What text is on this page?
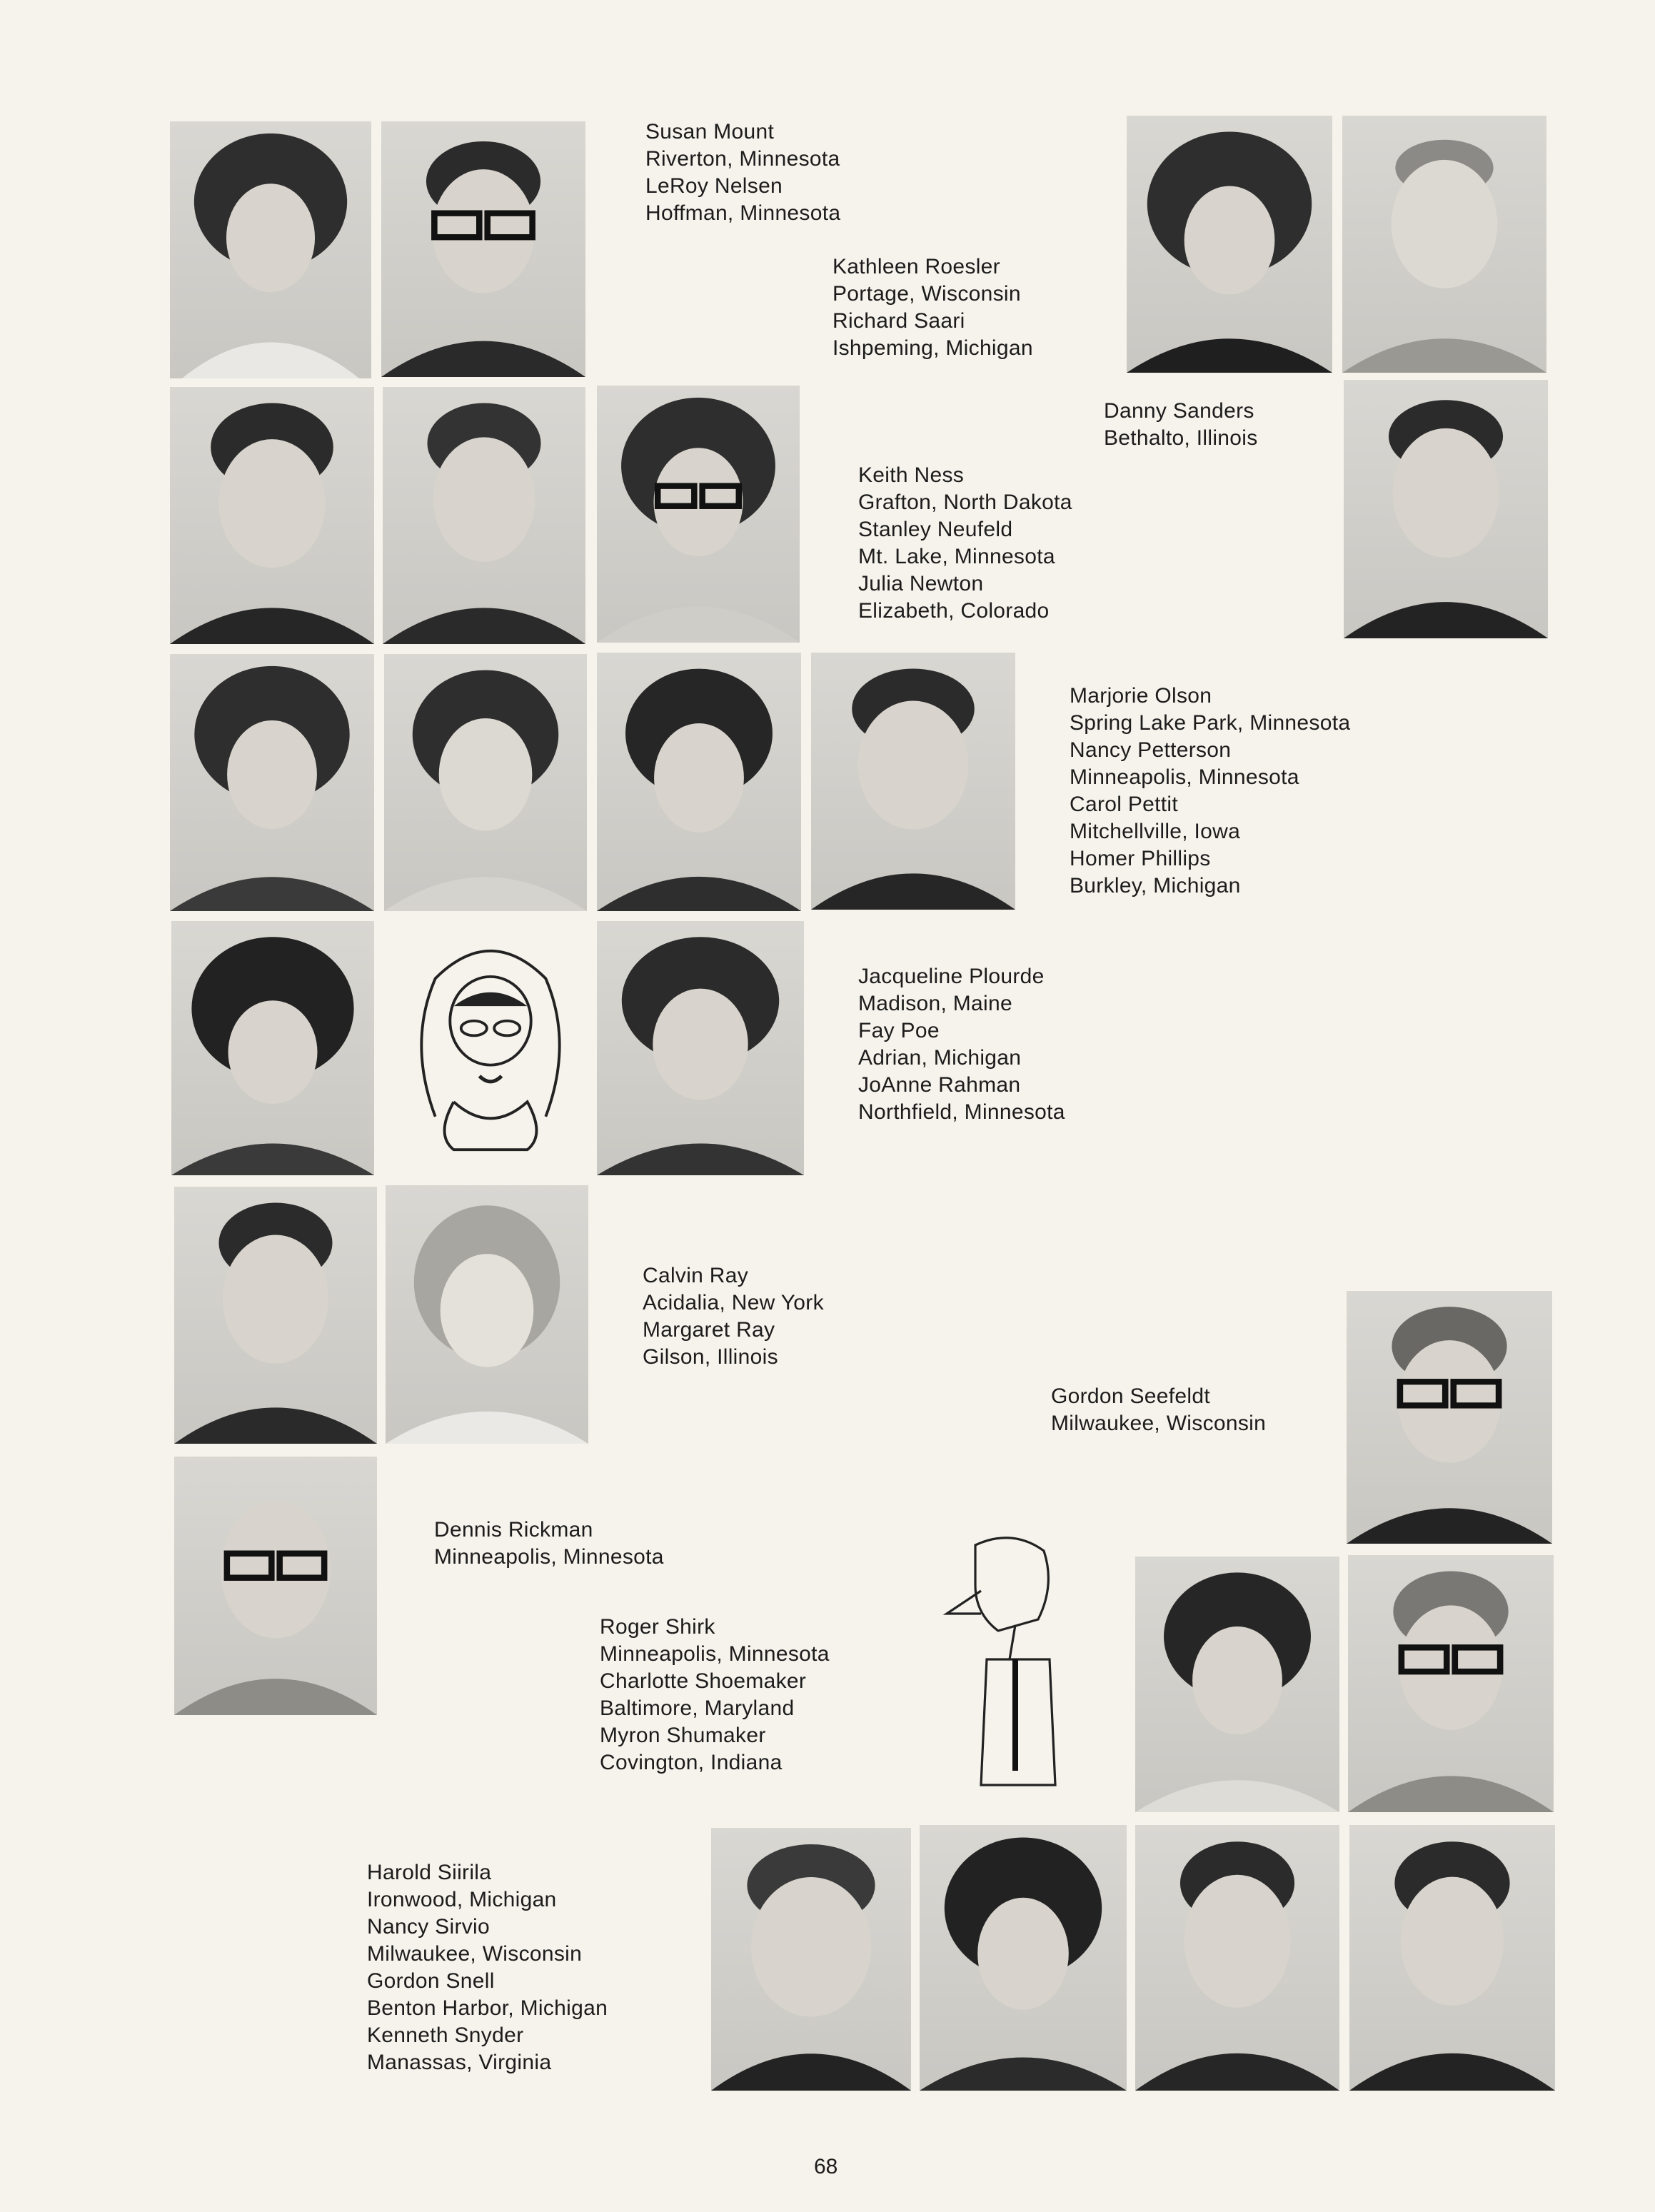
Susan Mount
Riverton, Minnesota
LeRoy Nelsen
Hoffman, Minnesota
Kathleen Roesler
Portage, Wisconsin
Richard Saari
Ishpeming, Michigan
Danny Sanders
Bethalto, Illinois
Keith Ness
Grafton, North Dakota
Stanley Neufeld
Mt. Lake, Minnesota
Julia Newton
Elizabeth, Colorado
Marjorie Olson
Spring Lake Park, Minnesota
Nancy Petterson
Minneapolis, Minnesota
Carol Pettit
Mitchellville, Iowa
Homer Phillips
Burkley, Michigan
Jacqueline Plourde
Madison, Maine
Fay Poe
Adrian, Michigan
JoAnne Rahman
Northfield, Minnesota
Calvin Ray
Acidalia, New York
Margaret Ray
Gilson, Illinois
Gordon Seefeldt
Milwaukee, Wisconsin
Dennis Rickman
Minneapolis, Minnesota
Roger Shirk
Minneapolis, Minnesota
Charlotte Shoemaker
Baltimore, Maryland
Myron Shumaker
Covington, Indiana
Harold Siirila
Ironwood, Michigan
Nancy Sirvio
Milwaukee, Wisconsin
Gordon Snell
Benton Harbor, Michigan
Kenneth Snyder
Manassas, Virginia
68
